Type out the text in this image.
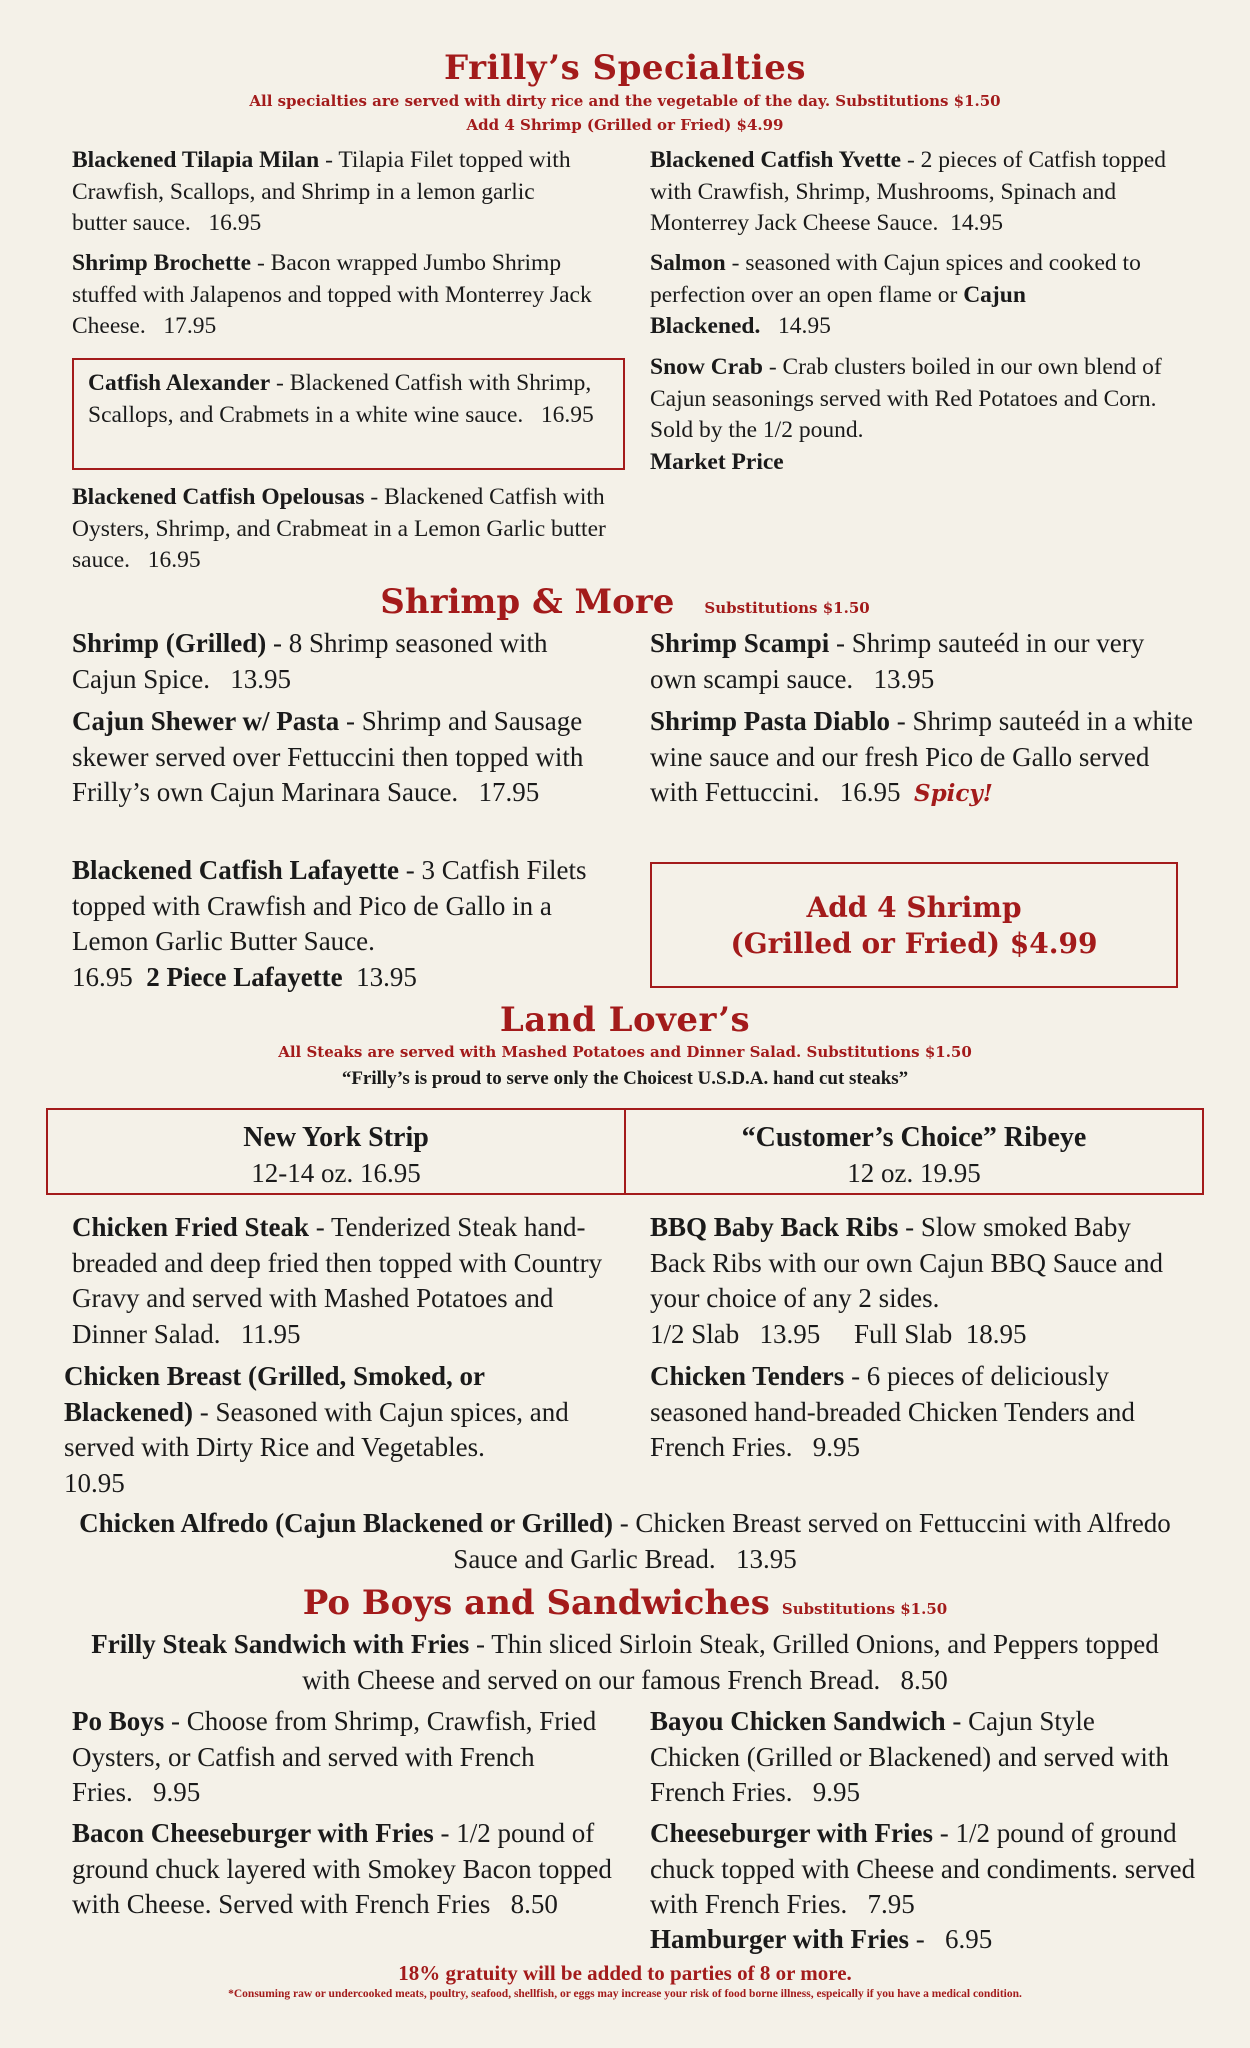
Frilly’s Specialties
All specialties are served with dirty rice and the vegetable of the day. Substitutions $1.50
Add 4 Shrimp (Grilled or Fried) $4.99
Blackened Tilapia Milan - Tilapia Filet topped with Crawfish, Scallops, and Shrimp in a lemon garlic butter sauce. 16.95
Shrimp Brochette - Bacon wrapped Jumbo Shrimp stuffed with Jalapenos and topped with Monterrey Jack Cheese. 17.95
Catfish Alexander - Blackened Catfish with Shrimp, Scallops, and Crabmets in a white wine sauce. 16.95
Blackened Catfish Opelousas - Blackened Catfish with Oysters, Shrimp, and Crabmeat in a Lemon Garlic butter sauce. 16.95
Blackened Catfish Yvette - 2 pieces of Catfish topped with Crawfish, Shrimp, Mushrooms, Spinach and Monterrey Jack Cheese Sauce. 14.95
Salmon - seasoned with Cajun spices and cooked to perfection over an open flame or Cajun Blackened. 14.95
Snow Crab - Crab clusters boiled in our own blend of Cajun seasonings served with Red Potatoes and Corn. Sold by the 1/2 pound.
Market Price
Shrimp & More Substitutions $1.50
Shrimp (Grilled) - 8 Shrimp seasoned with Cajun Spice. 13.95
Cajun Shewer w/ Pasta - Shrimp and Sausage skewer served over Fettuccini then topped with Frilly’s own Cajun Marinara Sauce. 17.95
Blackened Catfish Lafayette - 3 Catfish Filets topped with Crawfish and Pico de Gallo in a Lemon Garlic Butter Sauce.
16.95 2 Piece Lafayette 13.95
Shrimp Scampi - Shrimp sauteéd in our very own scampi sauce. 13.95
Shrimp Pasta Diablo - Shrimp sauteéd in a white wine sauce and our fresh Pico de Gallo served with Fettuccini. 16.95 Spicy!
Add 4 Shrimp
(Grilled or Fried) $4.99
Land Lover’s
All Steaks are served with Mashed Potatoes and Dinner Salad. Substitutions $1.50
“Frilly’s is proud to serve only the Choicest U.S.D.A. hand cut steaks”
New York Strip
12-14 oz. 16.95
“Customer’s Choice” Ribeye
12 oz. 19.95
Chicken Fried Steak - Tenderized Steak hand-breaded and deep fried then topped with Country Gravy and served with Mashed Potatoes and Dinner Salad. 11.95
Chicken Breast (Grilled, Smoked, or Blackened) - Seasoned with Cajun spices, and served with Dirty Rice and Vegetables.
10.95
BBQ Baby Back Ribs - Slow smoked Baby Back Ribs with our own Cajun BBQ Sauce and your choice of any 2 sides.
1/2 Slab   13.95     Full Slab  18.95
Chicken Tenders - 6 pieces of deliciously seasoned hand-breaded Chicken Tenders and French Fries. 9.95
Chicken Alfredo (Cajun Blackened or Grilled) - Chicken Breast served on Fettuccini with Alfredo Sauce and Garlic Bread. 13.95
Po Boys and Sandwiches Substitutions $1.50
Frilly Steak Sandwich with Fries - Thin sliced Sirloin Steak, Grilled Onions, and Peppers topped with Cheese and served on our famous French Bread. 8.50
Po Boys - Choose from Shrimp, Crawfish, Fried Oysters, or Catfish and served with French Fries. 9.95
Bacon Cheeseburger with Fries - 1/2 pound of ground chuck layered with Smokey Bacon topped with Cheese. Served with French Fries 8.50
Bayou Chicken Sandwich - Cajun Style Chicken (Grilled or Blackened) and served with French Fries. 9.95
Cheeseburger with Fries - 1/2 pound of ground chuck topped with Cheese and condiments. served with French Fries. 7.95
Hamburger with Fries -   6.95
18% gratuity will be added to parties of 8 or more.
*Consuming raw or undercooked meats, poultry, seafood, shellfish, or eggs may increase your risk of food borne illness, espeically if you have a medical condition.
